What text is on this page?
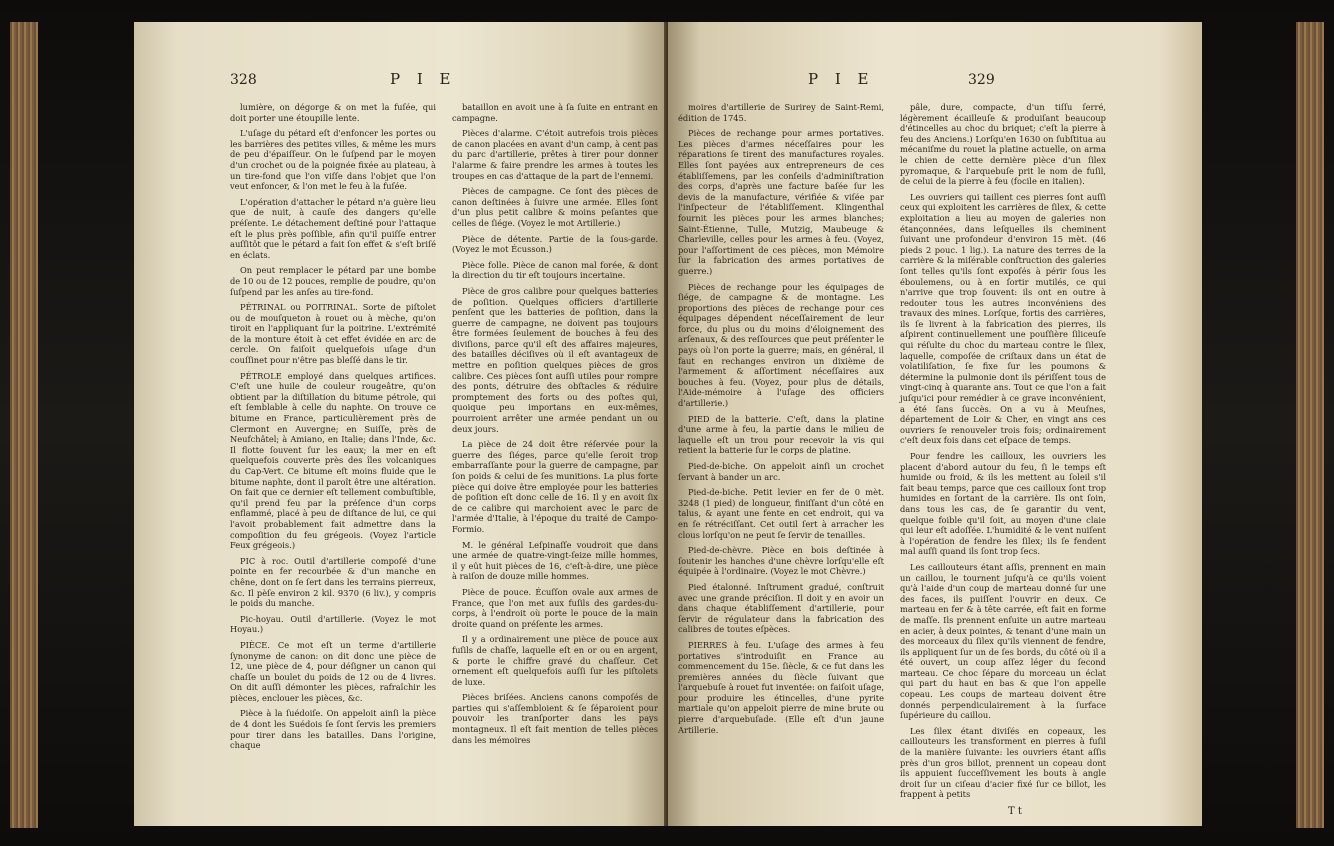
328	P I E

lumière, on dégorge & on met la fuſée, qui doit porter une étoupille lente.

L'uſage du pétard eſt d'enfoncer les portes ou les barrières des petites villes, & même les murs de peu d'épaiſſeur. On le ſuſpend par le moyen d'un crochet ou de la poignée fixée au plateau, à un tire-fond que l'on viſſe dans l'objet que l'on veut enfoncer, & l'on met le feu à la fuſée.

L'opération d'attacher le pétard n'a guère lieu que de nuit, à cauſe des dangers qu'elle préſente. Le détachement deſtiné pour l'attaque eſt le plus près poſſible, afin qu'il puiſſe entrer auſſitôt que le pétard a fait ſon effet & s'eſt briſé en éclats.

On peut remplacer le pétard par une bombe de 10 ou de 12 pouces, remplie de poudre, qu'on ſuſpend par les anſes au tire-fond.

PÉTRINAL ou POITRINAL. Sorte de piſtolet ou de mouſqueton à rouet ou à mèche, qu'on tiroit en l'appliquant ſur la poitrine. L'extrémité de la monture étoit à cet effet évidée en arc de cercle. On faiſoit quelquefois uſage d'un couſſinet pour n'être pas bleſſé dans le tir.

PÉTROLE employé dans quelques artifices. C'eſt une huile de couleur rougeâtre, qu'on obtient par la diſtillation du bitume pétrole, qui eſt ſemblable à celle du naphte. On trouve ce bitume en France, particulièrement près de Clermont en Auvergne; en Suiſſe, près de Neufchâtel; à Amiano, en Italie; dans l'Inde, &c. Il flotte ſouvent ſur les eaux; la mer en eſt quelquefois couverte près des îles volcaniques du Cap-Vert. Ce bitume eſt moins fluide que le bitume naphte, dont il paroît être une altération. On fait que ce dernier eſt tellement combuſtible, qu'il prend feu par la préſence d'un corps enflammé, placé à peu de diſtance de lui, ce qui l'avoit probablement fait admettre dans la compoſition du feu grégeois. (Voyez l'article Feux grégeois.)

PIC à roc. Outil d'artillerie compoſé d'une pointe en fer recourbée & d'un manche en chêne, dont on ſe ſert dans les terrains pierreux, &c. Il pèſe environ 2 kil. 9370 (6 liv.), y compris le poids du manche.

Pic-hoyau. Outil d'artillerie. (Voyez le mot Hoyau.)

PIÈCE. Ce mot eſt un terme d'artillerie ſynonyme de canon: on dit donc une pièce de 12, une pièce de 4, pour déſigner un canon qui chaſſe un boulet du poids de 12 ou de 4 livres. On dit auſſi démonter les pièces, rafraîchir les pièces, enclouer les pièces, &c.

Pièce à la ſuédoiſe. On appeloit ainſi la pièce de 4 dont les Suédois ſe ſont ſervis les premiers pour tirer dans les batailles. Dans l'origine, chaque

bataillon en avoit une à ſa ſuite en entrant en campagne.

Pièces d'alarme. C'étoit autrefois trois pièces de canon placées en avant d'un camp, à cent pas du parc d'artillerie, prêtes à tirer pour donner l'alarme & faire prendre les armes à toutes les troupes en cas d'attaque de la part de l'ennemi.

Pièces de campagne. Ce ſont des pièces de canon deſtinées à ſuivre une armée. Elles ſont d'un plus petit calibre & moins peſantes que celles de ſiége. (Voyez le mot Artillerie.)

Pièce de détente. Partie de la ſous-garde. (Voyez le mot Écusson.)

Pièce folle. Pièce de canon mal forée, & dont la direction du tir eſt toujours incertaine.

Pièce de gros calibre pour quelques batteries de poſition. Quelques officiers d'artillerie penſent que les batteries de poſition, dans la guerre de campagne, ne doivent pas toujours être formées ſeulement de bouches à feu des diviſions, parce qu'il eſt des affaires majeures, des batailles déciſives où il eſt avantageux de mettre en poſition quelques pièces de gros calibre. Ces pièces ſont auſſi utiles pour rompre des ponts, détruire des obſtacles & réduire promptement des forts ou des poſtes qui, quoique peu importans en eux-mêmes, pourroient arrêter une armée pendant un ou deux jours.

La pièce de 24 doit être réſervée pour la guerre des ſiéges, parce qu'elle ſeroit trop embarraſſante pour la guerre de campagne, par ſon poids & celui de ſes munitions. La plus forte pièce qui doive être employée pour les batteries de poſition eſt donc celle de 16. Il y en avoit ſix de ce calibre qui marchoient avec le parc de l'armée d'Italie, à l'époque du traité de Campo-Formio.

M. le général Leſpinaſſe voudroit que dans une armée de quatre-vingt-ſeize mille hommes, il y eût huit pièces de 16, c'eſt-à-dire, une pièce à raiſon de douze mille hommes.

Pièce de pouce. Écuſſon ovale aux armes de France, que l'on met aux fuſils des gardes-du-corps, à l'endroit où porte le pouce de la main droite quand on préſente les armes.

Il y a ordinairement une pièce de pouce aux fuſils de chaſſe, laquelle eſt en or ou en argent, & porte le chiffre gravé du chaſſeur. Cet ornement eſt quelquefois auſſi ſur les piſtolets de luxe.

Pièces briſées. Anciens canons compoſés de parties qui s'aſſembloient & ſe ſéparoient pour pouvoir les tranſporter dans les pays montagneux. Il eſt fait mention de telles pièces dans les mémoires

P I E	329

moires d'artillerie de Surirey de Saint-Remi, édition de 1745.

Pièces de rechange pour armes portatives. Les pièces d'armes néceſſaires pour les réparations ſe tirent des manufactures royales. Elles ſont payées aux entrepreneurs de ces établiſſemens, par les conſeils d'adminiſtration des corps, d'après une facture baſée ſur les devis de la manufacture, vérifiée & viſée par l'inſpecteur de l'établiſſement. Klingenthal fournit les pièces pour les armes blanches; Saint-Étienne, Tulle, Mutzig, Maubeuge & Charleville, celles pour les armes à feu. (Voyez, pour l'aſſortiment de ces pièces, mon Mémoire ſur la fabrication des armes portatives de guerre.)

Pièces de rechange pour les équipages de ſiége, de campagne & de montagne. Les proportions des pièces de rechange pour ces équipages dépendent néceſſairement de leur force, du plus ou du moins d'éloignement des arſenaux, & des reſſources que peut préſenter le pays où l'on porte la guerre; mais, en général, il faut en rechanges environ un dixième de l'armement & aſſortiment néceſſaires aux bouches à feu. (Voyez, pour plus de détails, l'Aide-mémoire à l'uſage des officiers d'artillerie.)

PIED de la batterie. C'eſt, dans la platine d'une arme à feu, la partie dans le milieu de laquelle eſt un trou pour recevoir la vis qui retient la batterie ſur le corps de platine.

Pied-de-biche. On appeloit ainſi un crochet ſervant à bander un arc.

Pied-de-biche. Petit levier en fer de 0 mèt. 3248 (1 pied) de longueur, finiſſant d'un côté en talus, & ayant une fente en cet endroit, qui va en ſe rétréciſſant. Cet outil ſert à arracher les clous lorſqu'on ne peut ſe ſervir de tenailles.

Pied-de-chèvre. Pièce en bois deſtinée à ſoutenir les hanches d'une chèvre lorſqu'elle eſt équipée à l'ordinaire. (Voyez le mot Chèvre.)

Pied étalonné. Inſtrument gradué, conſtruit avec une grande préciſion. Il doit y en avoir un dans chaque établiſſement d'artillerie, pour ſervir de régulateur dans la fabrication des calibres de toutes eſpèces.

PIERRES à feu. L'uſage des armes à feu portatives s'introduiſit en France au commencement du 15e. ſiècle, & ce fut dans les premières années du ſiècle ſuivant que l'arquebuſe à rouet fut inventée: on faiſoit uſage, pour produire les étincelles, d'une pyrite martiale qu'on appeloit pierre de mine brute ou pierre d'arquebuſade. (Elle eſt d'un jaune Artillerie.

pâle, dure, compacte, d'un tiſſu ſerré, légèrement écailleuſe & produiſant beaucoup d'étincelles au choc du briquet; c'eſt la pierre à feu des Anciens.) Lorſqu'en 1630 on ſubſtitua au mécaniſme du rouet la platine actuelle, on arma le chien de cette dernière pièce d'un ſilex pyromaque, & l'arquebuſe prit le nom de fuſil, de celui de la pierre à feu (focile en italien).

Les ouvriers qui taillent ces pierres ſont auſſi ceux qui exploitent les carrières de ſilex, & cette exploitation a lieu au moyen de galeries non étançonnées, dans leſquelles ils cheminent ſuivant une profondeur d'environ 15 mèt. (46 pieds 2 pouc. 1 lig.). La nature des terres de la carrière & la miſérable conſtruction des galeries ſont telles qu'ils ſont expoſés à périr ſous les éboulemens, ou à en ſortir mutilés, ce qui n'arrive que trop ſouvent: ils ont en outre à redouter tous les autres inconvéniens des travaux des mines. Lorſque, fortis des carrières, ils ſe livrent à la fabrication des pierres, ils aſpirent continuellement une pouſſière ſiliceuſe qui réſulte du choc du marteau contre le ſilex, laquelle, compoſée de criſtaux dans un état de volatiliſation, ſe fixe ſur les poumons & détermine la pulmonie dont ils périſſent tous de vingt-cinq à quarante ans. Tout ce que l'on a fait juſqu'ici pour remédier à ce grave inconvénient, a été ſans ſuccès. On a vu à Meuſnes, département de Loir & Cher, en vingt ans ces ouvriers ſe renouveler trois fois; ordinairement c'eſt deux fois dans cet eſpace de temps.

Pour fendre les cailloux, les ouvriers les placent d'abord autour du feu, ſi le temps eſt humide ou froid, & ils les mettent au ſoleil s'il fait beau temps, parce que ces cailloux ſont trop humides en ſortant de la carrière. Ils ont ſoin, dans tous les cas, de ſe garantir du vent, quelque foible qu'il ſoit, au moyen d'une claie qui leur eſt adoſſée. L'humidité & le vent nuiſent à l'opération de fendre les ſilex; ils ſe fendent mal auſſi quand ils ſont trop ſecs.

Les cailloutеurs étant aſſis, prennent en main un caillou, le tournent juſqu'à ce qu'ils voient qu'à l'aide d'un coup de marteau donné ſur une des faces, ils puiſſent l'ouvrir en deux. Ce marteau en fer & à tête carrée, eſt fait en forme de maſſe. Ils prennent enſuite un autre marteau en acier, à deux pointes, & tenant d'une main un des morceaux du ſilex qu'ils viennent de fendre, ils appliquent ſur un de ſes bords, du côté où il a été ouvert, un coup aſſez léger du ſecond marteau. Ce choc ſépare du morceau un éclat qui part du haut en bas & que l'on appelle copeau. Les coups de marteau doivent être donnés perpendiculairement à la ſurface ſupérieure du caillou.

Les ſilex étant diviſés en copeaux, les caillouteurs les transforment en pierres à fuſil de la manière ſuivante: les ouvriers étant aſſis près d'un gros billot, prennent un copeau dont ils appuient ſucceſſivement les bouts à angle droit ſur un ciſeau d'acier fixé ſur ce billot, les frappent à petits

T t
